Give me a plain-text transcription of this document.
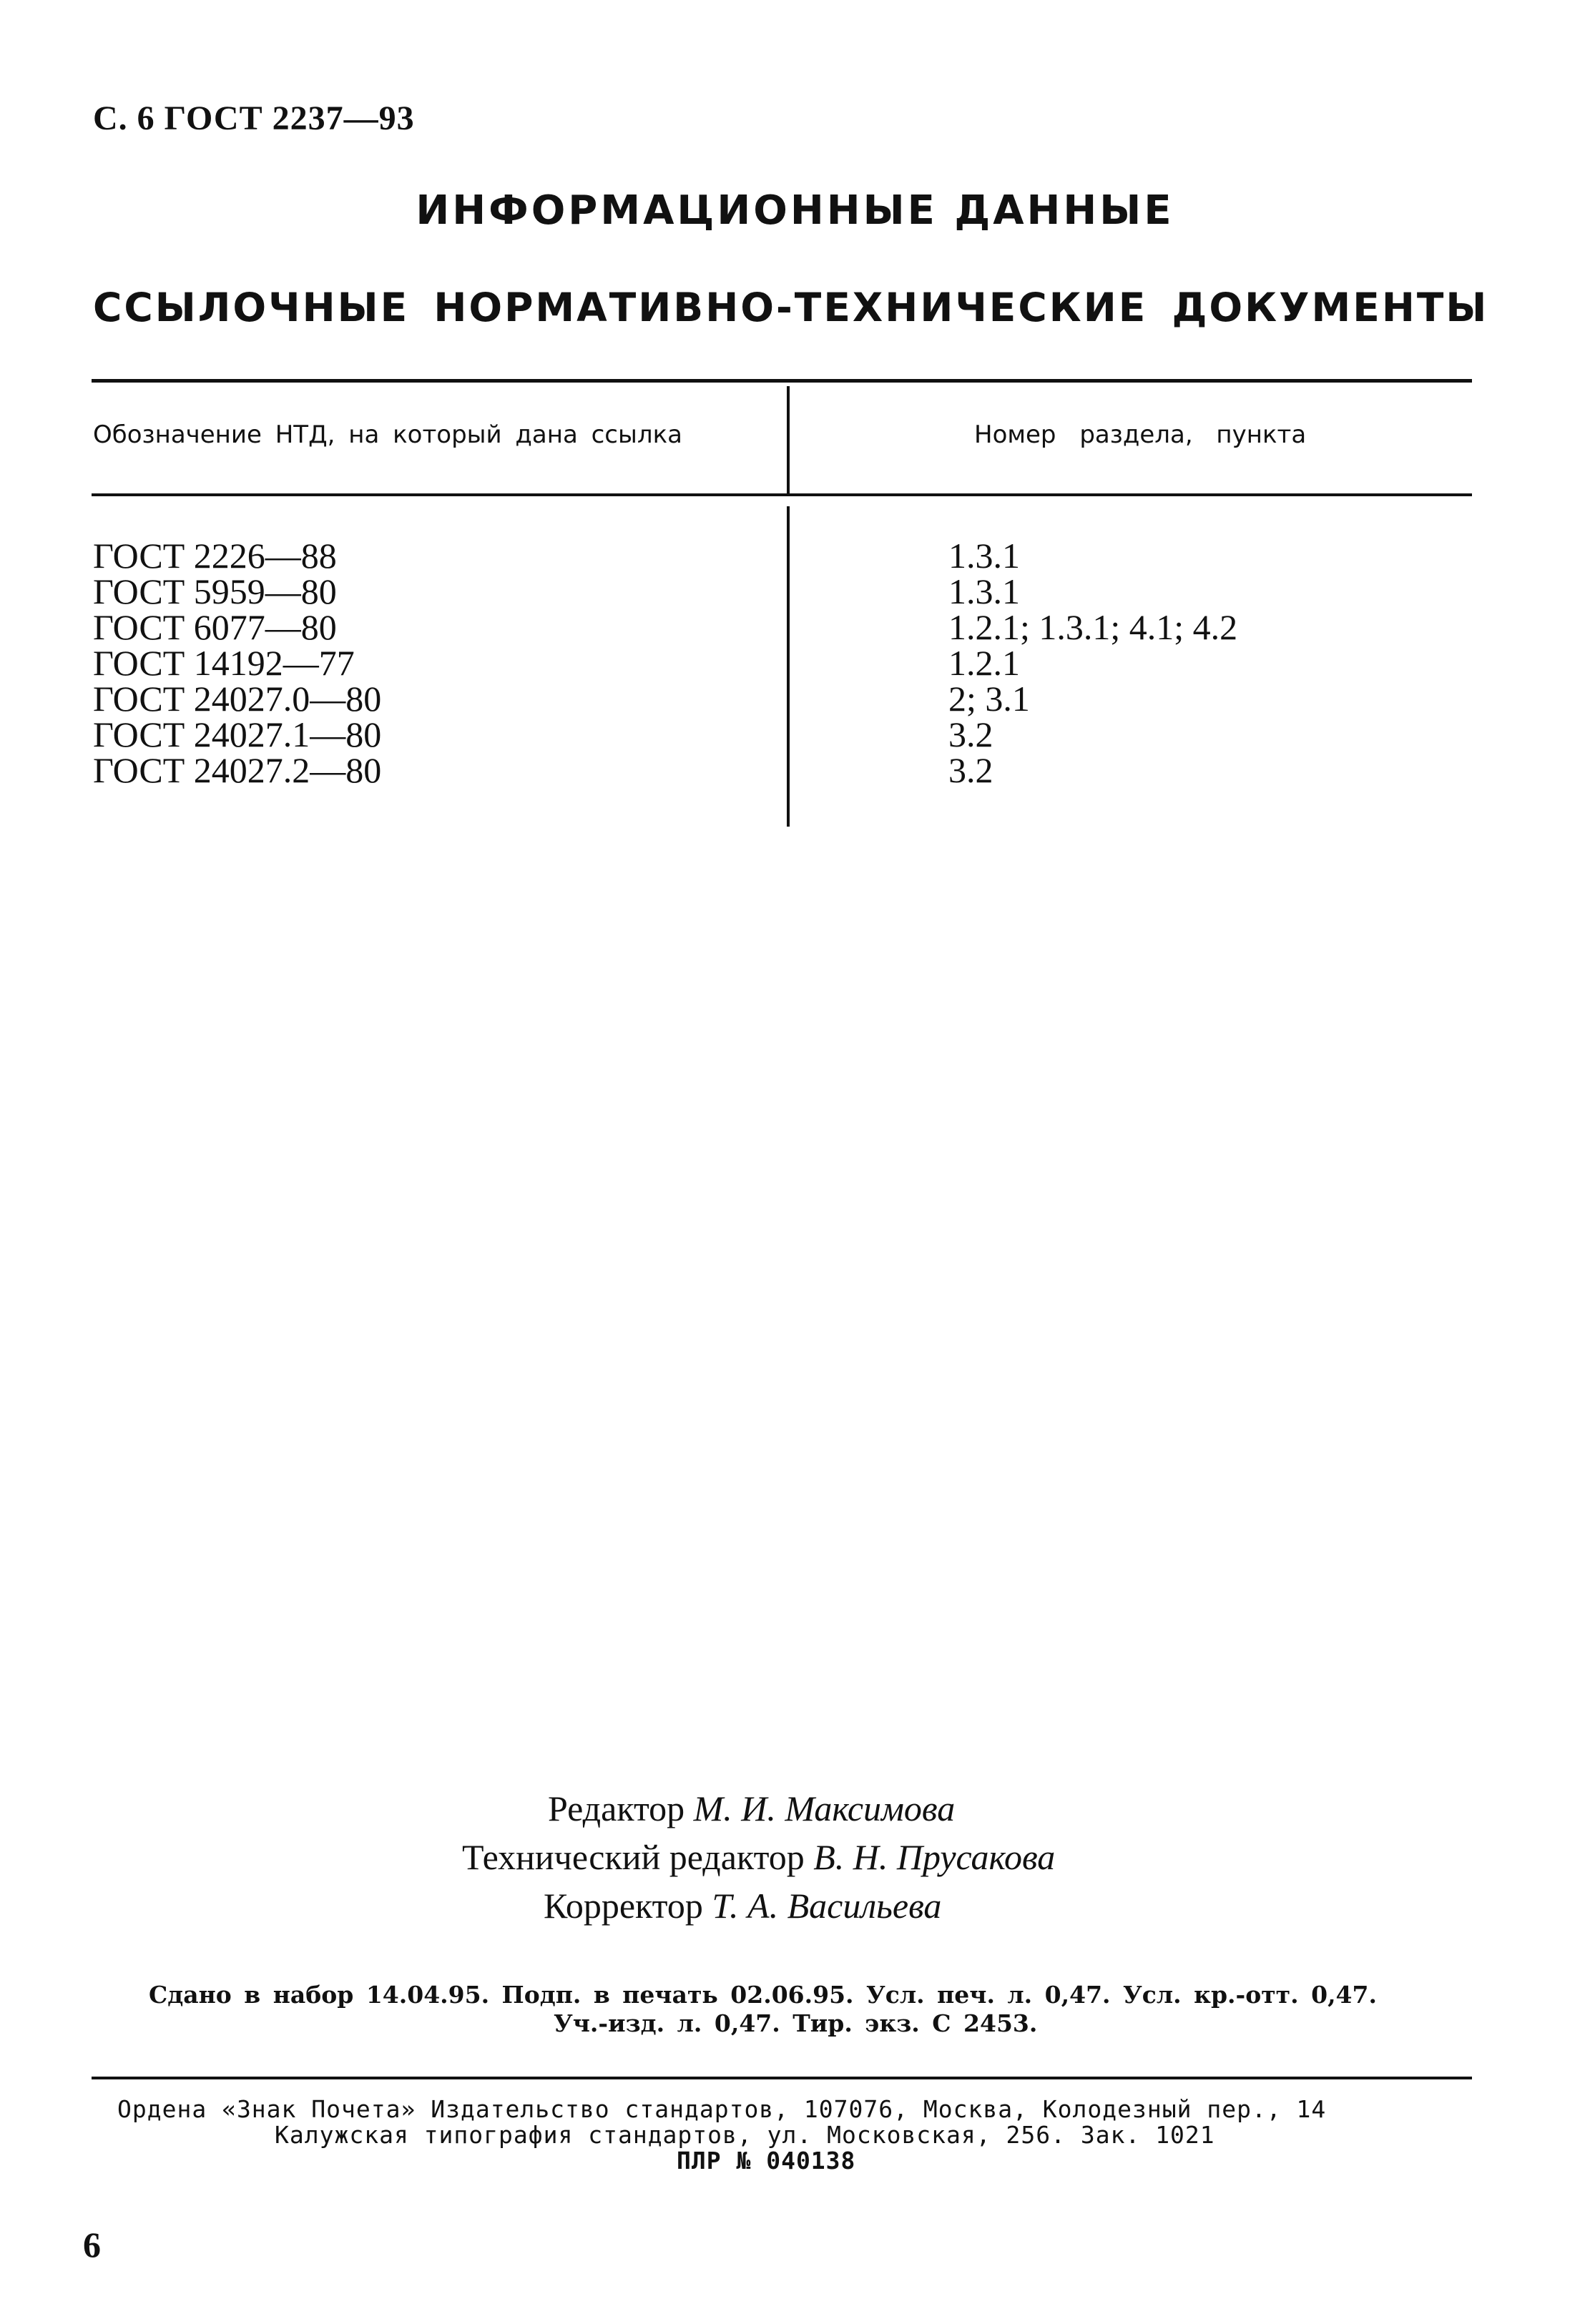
С. 6 ГОСТ 2237—93

ИНФОРМАЦИОННЫЕ ДАННЫЕ
ССЫЛОЧНЫЕ НОРМАТИВНО-ТЕХНИЧЕСКИЕ ДОКУМЕНТЫ

Обозначение НТД, на который дана ссылка	Номер раздела, пункта

ГОСТ 2226—88
ГОСТ 5959—80
ГОСТ 6077—80
ГОСТ 14192—77
ГОСТ 24027.0—80
ГОСТ 24027.1—80
ГОСТ 24027.2—80
1.3.1
1.3.1
1.2.1; 1.3.1; 4.1; 4.2
1.2.1
2; 3.1
3.2
3.2

Редактор М. И. Максимова

Технический редактор В. Н. Прусакова

Корректор Т. А. Васильева

Сдано в набор 14.04.95. Подп. в печать 02.06.95. Усл. печ. л. 0,47. Усл. кр.-отт. 0,47.

Уч.-изд. л. 0,47. Тир. экз. С 2453.

Ордена «Знак Почета» Издательство стандартов, 107076, Москва, Колодезный пер., 14

Калужская типография стандартов, ул. Московская, 256. Зак. 1021

ПЛР № 040138

6
